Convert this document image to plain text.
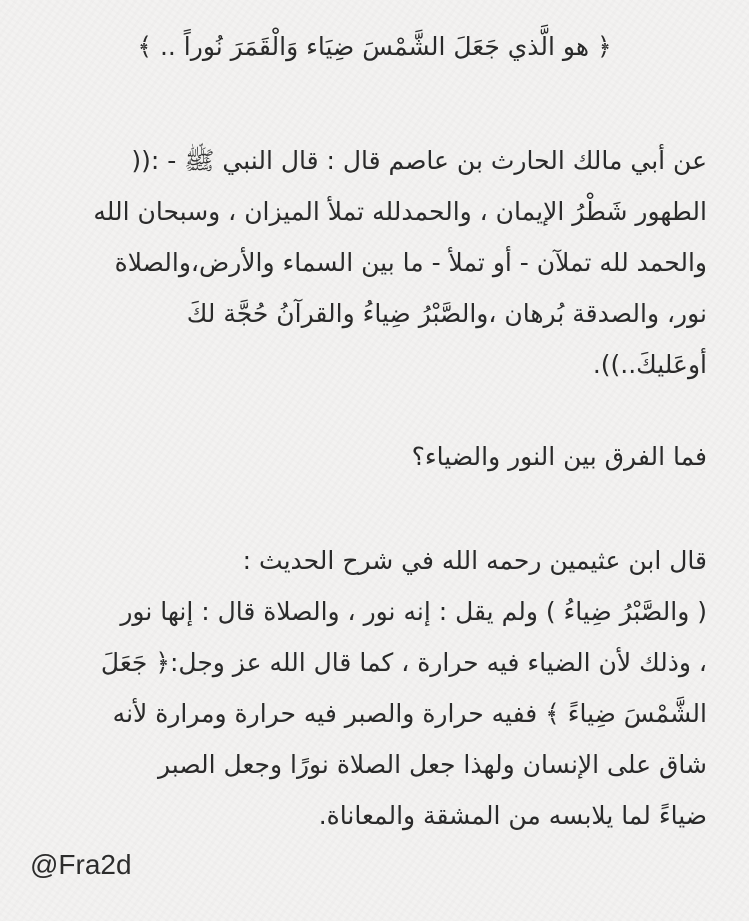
﴿ هو الَّذي جَعَلَ الشَّمْسَ ضِيَاء وَالْقَمَرَ نُوراً .. ﴾
عن أبي مالك الحارث بن عاصم قال : قال النبي ﷺ - :((
الطهور شَطْرُ الإيمان ، والحمدلله تملأ الميزان ، وسبحان الله
والحمد لله تملآن - أو تملأ - ما بين السماء والأرض،والصلاة
نور، والصدقة بُرهان ،والصَّبْرُ ضِياءُ والقرآنُ حُجَّة لكَ
أوعَليكَ..)).
فما الفرق بين النور والضياء؟
قال ابن عثيمين رحمه الله في شرح الحديث :
( والصَّبْرُ ضِياءُ ) ولم يقل : إنه نور ، والصلاة قال : إنها نور
، وذلك لأن الضياء فيه حرارة ، كما قال الله عز وجل:﴿ جَعَلَ
الشَّمْسَ ضِياءً ﴾ ففيه حرارة والصبر فيه حرارة ومرارة لأنه
شاق على الإنسان ولهذا جعل الصلاة نورًا وجعل الصبر
ضياءً لما يلابسه من المشقة والمعاناة.
@Fra2d
